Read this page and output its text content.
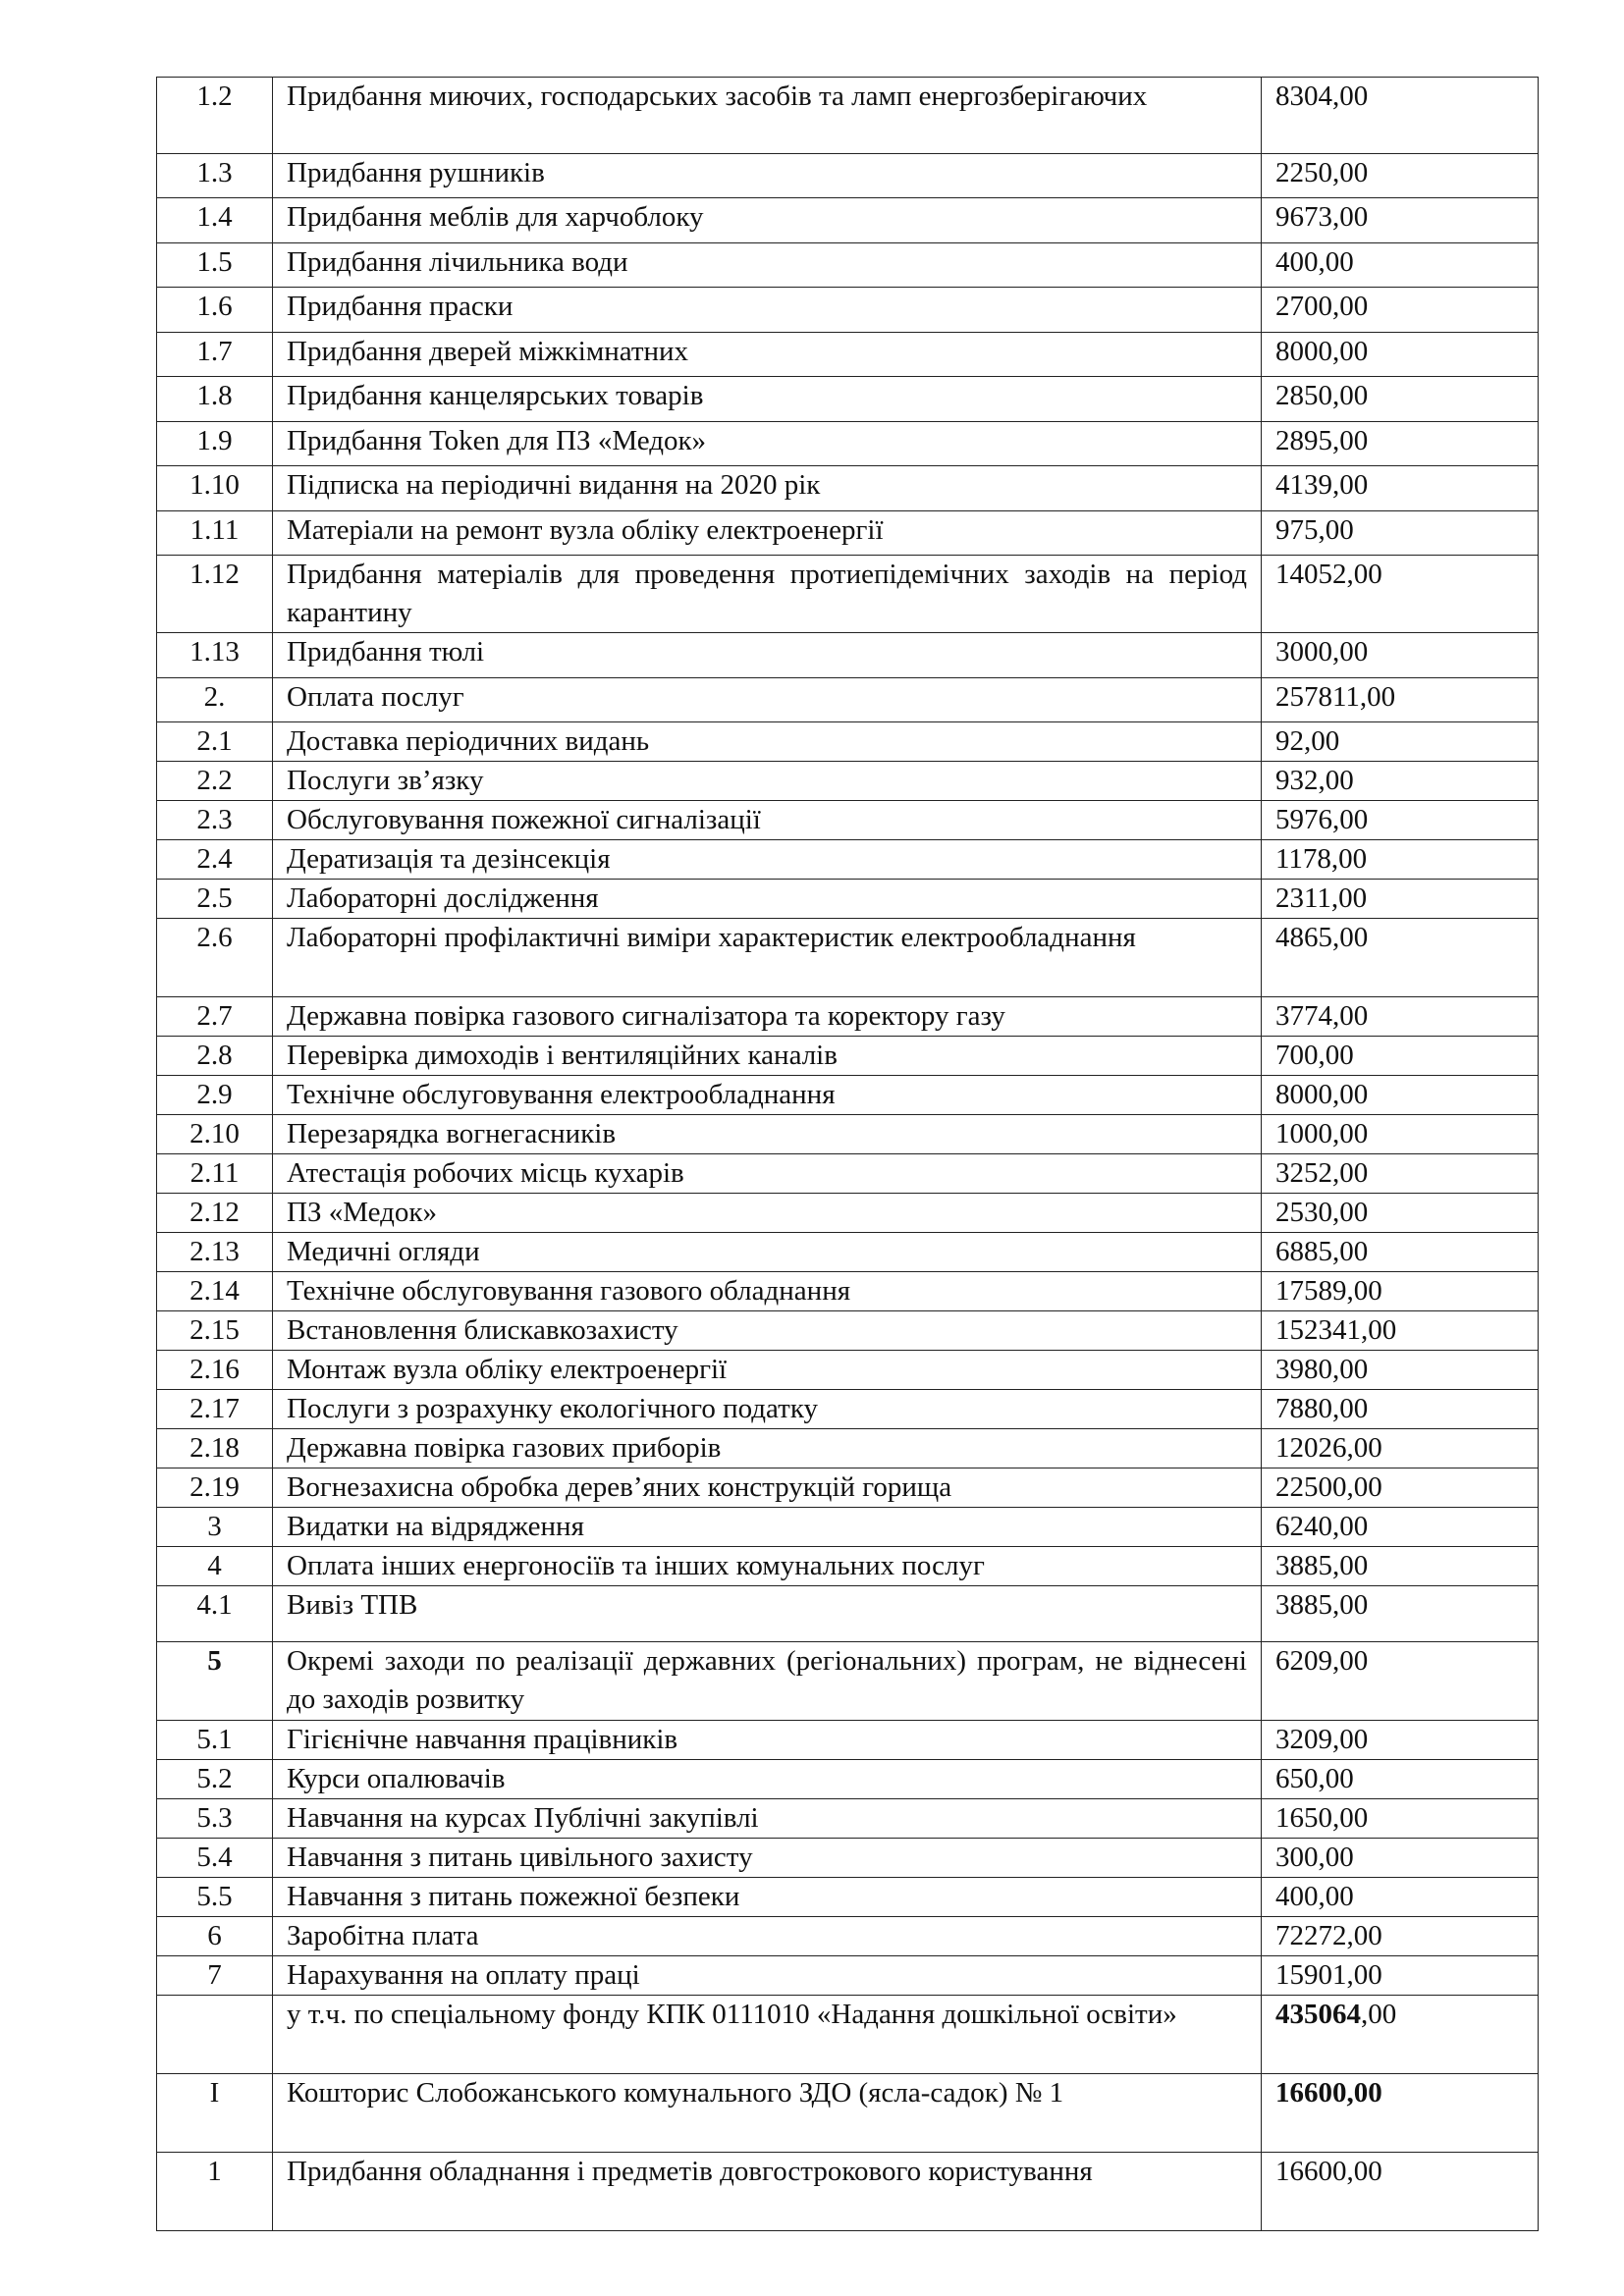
1.2	Придбання миючих, господарських засобів та ламп енергозберігаючих	8304,00
1.3	Придбання рушників	2250,00
1.4	Придбання меблів для харчоблоку	9673,00
1.5	Придбання лічильника води	400,00
1.6	Придбання праски	2700,00
1.7	Придбання дверей міжкімнатних	8000,00
1.8	Придбання канцелярських товарів	2850,00
1.9	Придбання Token для ПЗ «Медок»	2895,00
1.10	Підписка на періодичні видання на 2020 рік	4139,00
1.11	Матеріали на ремонт вузла обліку електроенергії	975,00
1.12	Придбання матеріалів для проведення протиепідемічних заходів на період карантину	14052,00
1.13	Придбання тюлі	3000,00
2.	Оплата послуг	257811,00
2.1	Доставка періодичних видань	92,00
2.2	Послуги зв’язку	932,00
2.3	Обслуговування пожежної сигналізації	5976,00
2.4	Дератизація та дезінсекція	1178,00
2.5	Лабораторні дослідження	2311,00
2.6	Лабораторні профілактичні виміри характеристик електрообладнання	4865,00
2.7	Державна повірка газового сигналізатора та коректору газу	3774,00
2.8	Перевірка димоходів і вентиляційних каналів	700,00
2.9	Технічне обслуговування електрообладнання	8000,00
2.10	Перезарядка вогнегасників	1000,00
2.11	Атестація робочих місць кухарів	3252,00
2.12	ПЗ «Медок»	2530,00
2.13	Медичні огляди	6885,00
2.14	Технічне обслуговування газового обладнання	17589,00
2.15	Встановлення блискавкозахисту	152341,00
2.16	Монтаж вузла обліку електроенергії	3980,00
2.17	Послуги з розрахунку екологічного податку	7880,00
2.18	Державна повірка газових приборів	12026,00
2.19	Вогнезахисна обробка дерев’яних конструкцій горища	22500,00
3	Видатки на відрядження	6240,00
4	Оплата інших енергоносіїв та інших комунальних послуг	3885,00
4.1	Вивіз ТПВ	3885,00
5	Окремі заходи по реалізації державних (регіональних) програм, не віднесені до заходів розвитку	6209,00
5.1	Гігієнічне навчання працівників	3209,00
5.2	Курси опалювачів	650,00
5.3	Навчання на курсах Публічні закупівлі	1650,00
5.4	Навчання з питань цивільного захисту	300,00
5.5	Навчання з питань пожежної безпеки	400,00
6	Заробітна плата	72272,00
7	Нарахування на оплату праці	15901,00
	у т.ч. по спеціальному фонду КПК 0111010 «Надання дошкільної освіти»	435064,00
I	Кошторис Слобожанського комунального ЗДО (ясла-садок) № 1	16600,00
1	Придбання обладнання і предметів довгострокового користування	16600,00
